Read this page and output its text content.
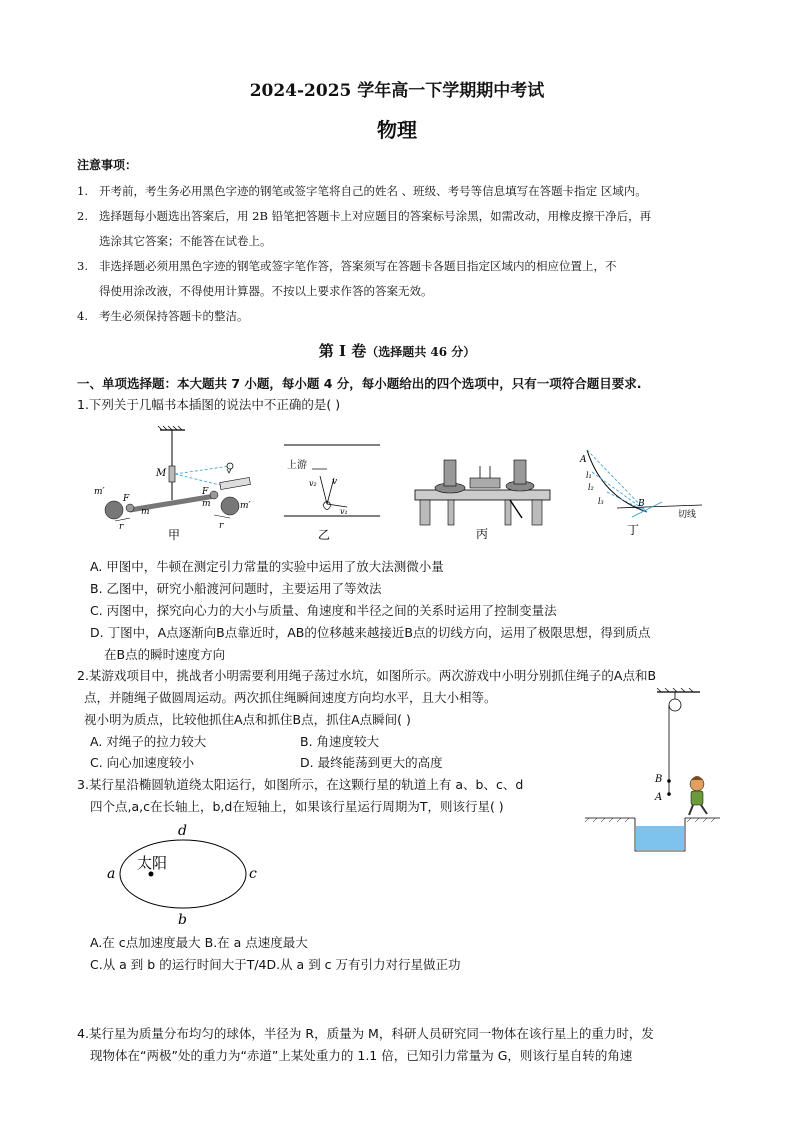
2024-2025 学年高一下学期期中考试
物理
注意事项：
1. 开考前，考生务必用黑色字迹的钢笔或签字笔将自己的姓名 、班级、考号等信息填写在答题卡指定 区域内。
2. 选择题每小题选出答案后，用 2B 铅笔把答题卡上对应题目的答案标号涂黑，如需改动，用橡皮擦干净后，再
选涂其它答案；不能答在试卷上。
3. 非选择题必须用黑色字迹的钢笔或签字笔作答，答案须写在答题卡各题目指定区域内的相应位置上，不
得使用涂改液，不得使用计算器。不按以上要求作答的答案无效。
4. 考生必须保持答题卡的整洁。
第 I 卷（选择题共 46 分）
一、单项选择题：本大题共 7 小题，每小题 4 分，每小题给出的四个选项中，只有一项符合题目要求.
1.下列关于几幅书本插图的说法中不正确的是( )
M
m′
m′
F
F
m
m
r	r
甲
上游
v₂ v
v₁
乙	丙
A
B
l₁
l₂
l₃
切线
丁
A. 甲图中，牛顿在测定引力常量的实验中运用了放大法测微小量
B. 乙图中，研究小船渡河问题时，主要运用了等效法
C. 丙图中，探究向心力的大小与质量、角速度和半径之间的关系时运用了控制变量法
D. 丁图中，A点逐渐向B点靠近时，AB的位移越来越接近B点的切线方向，运用了极限思想，得到质点
在B点的瞬时速度方向
2.某游戏项目中，挑战者小明需要利用绳子荡过水坑，如图所示。两次游戏中小明分别抓住绳子的A点和B
点，并随绳子做圆周运动。两次抓住绳瞬间速度方向均水平，且大小相等。
视小明为质点，比较他抓住A点和抓住B点，抓住A点瞬间( )
A. 对绳子的拉力较大	B. 角速度较大
C. 向心加速度较小	D. 最终能荡到更大的高度
B
A
3.某行星沿椭圆轨道绕太阳运行，如图所示，在这颗行星的轨道上有 a、b、c、d
四个点,a,c在长轴上，b,d在短轴上，如果该行星运行周期为T，则该行星( )
太阳
a	c
d
b
A.在 c点加速度最大 B.在 a 点速度最大
C.从 a 到 b 的运行时间大于T/4D.从 a 到 c 万有引力对行星做正功
4.某行星为质量分布均匀的球体，半径为 R，质量为 M，科研人员研究同一物体在该行星上的重力时，发
现物体在“两极”处的重力为“赤道”上某处重力的 1.1 倍，已知引力常量为 G，则该行星自转的角速
